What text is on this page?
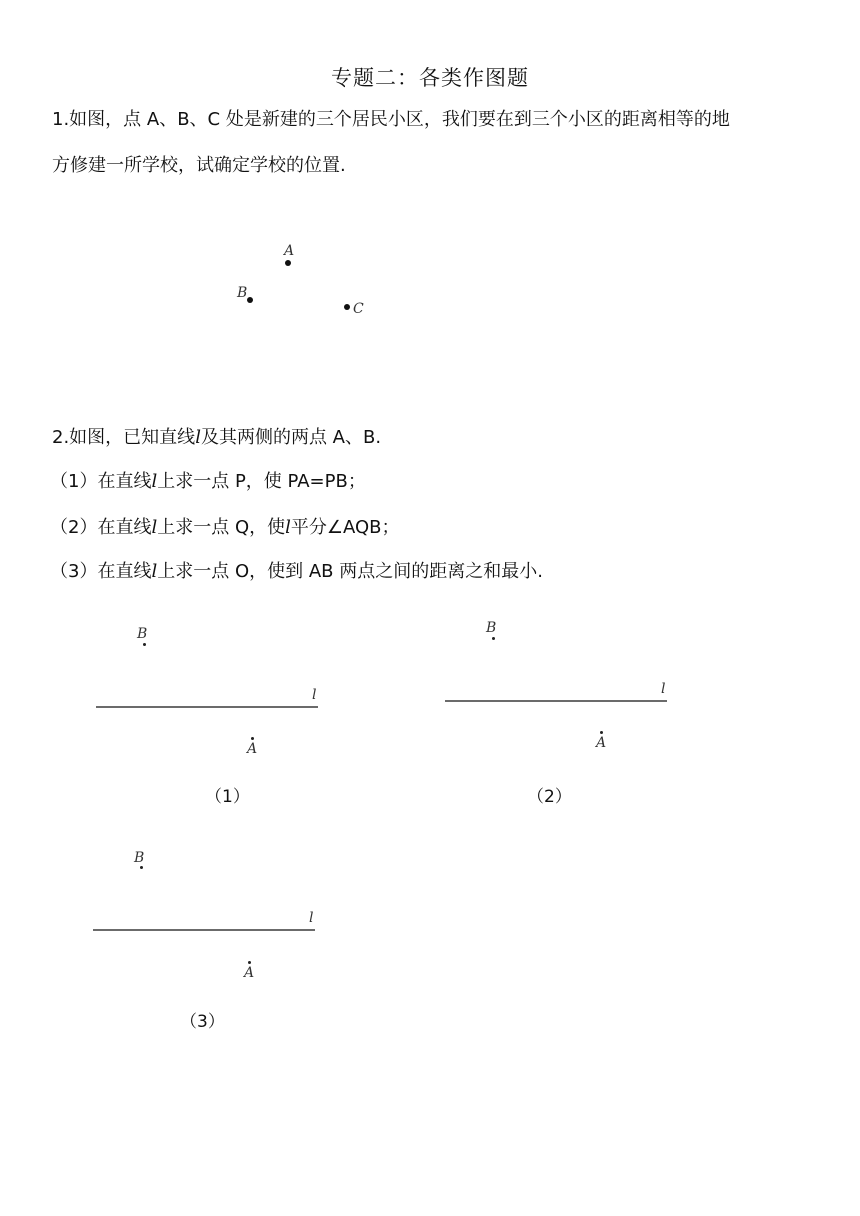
专题二：各类作图题
1.如图，点 A、B、C 处是新建的三个居民小区，我们要在到三个小区的距离相等的地
方修建一所学校，试确定学校的位置.
A
B
C
2.如图，已知直线l及其两侧的两点 A、B.
（1）在直线l上求一点 P，使 PA=PB；
（2）在直线l上求一点 Q，使l平分∠AQB；
（3）在直线l上求一点 O，使到 AB 两点之间的距离之和最小.
B
l
A
（1）
B
l
A
（2）
B
l
A
（3）
